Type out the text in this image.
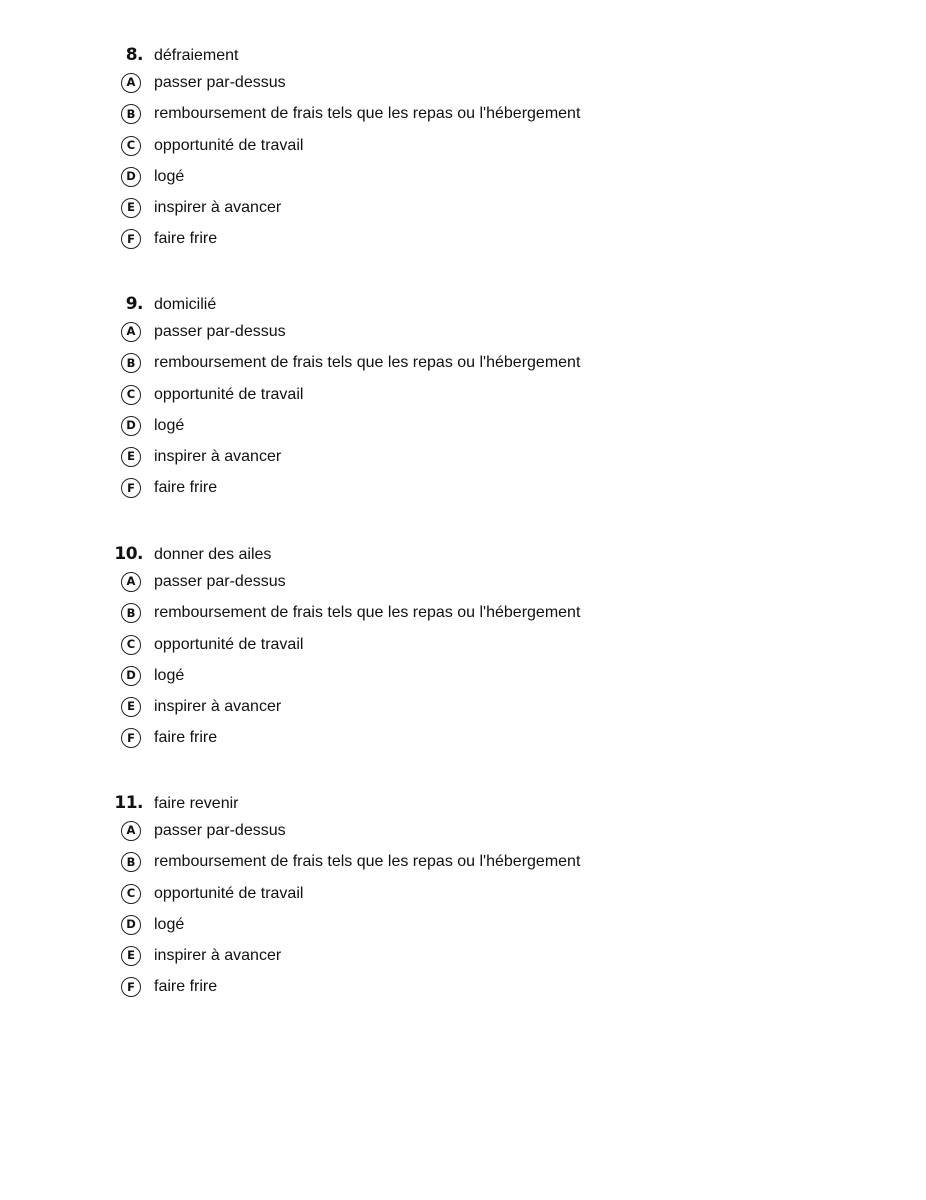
8. défraiement
A	passer par-dessus
B	remboursement de frais tels que les repas ou l'hébergement
C	opportunité de travail
D	logé
E	inspirer à avancer
F	faire frire
9. domicilié
A	passer par-dessus
B	remboursement de frais tels que les repas ou l'hébergement
C	opportunité de travail
D	logé
E	inspirer à avancer
F	faire frire
10. donner des ailes
A	passer par-dessus
B	remboursement de frais tels que les repas ou l'hébergement
C	opportunité de travail
D	logé
E	inspirer à avancer
F	faire frire
11. faire revenir
A	passer par-dessus
B	remboursement de frais tels que les repas ou l'hébergement
C	opportunité de travail
D	logé
E	inspirer à avancer
F	faire frire
